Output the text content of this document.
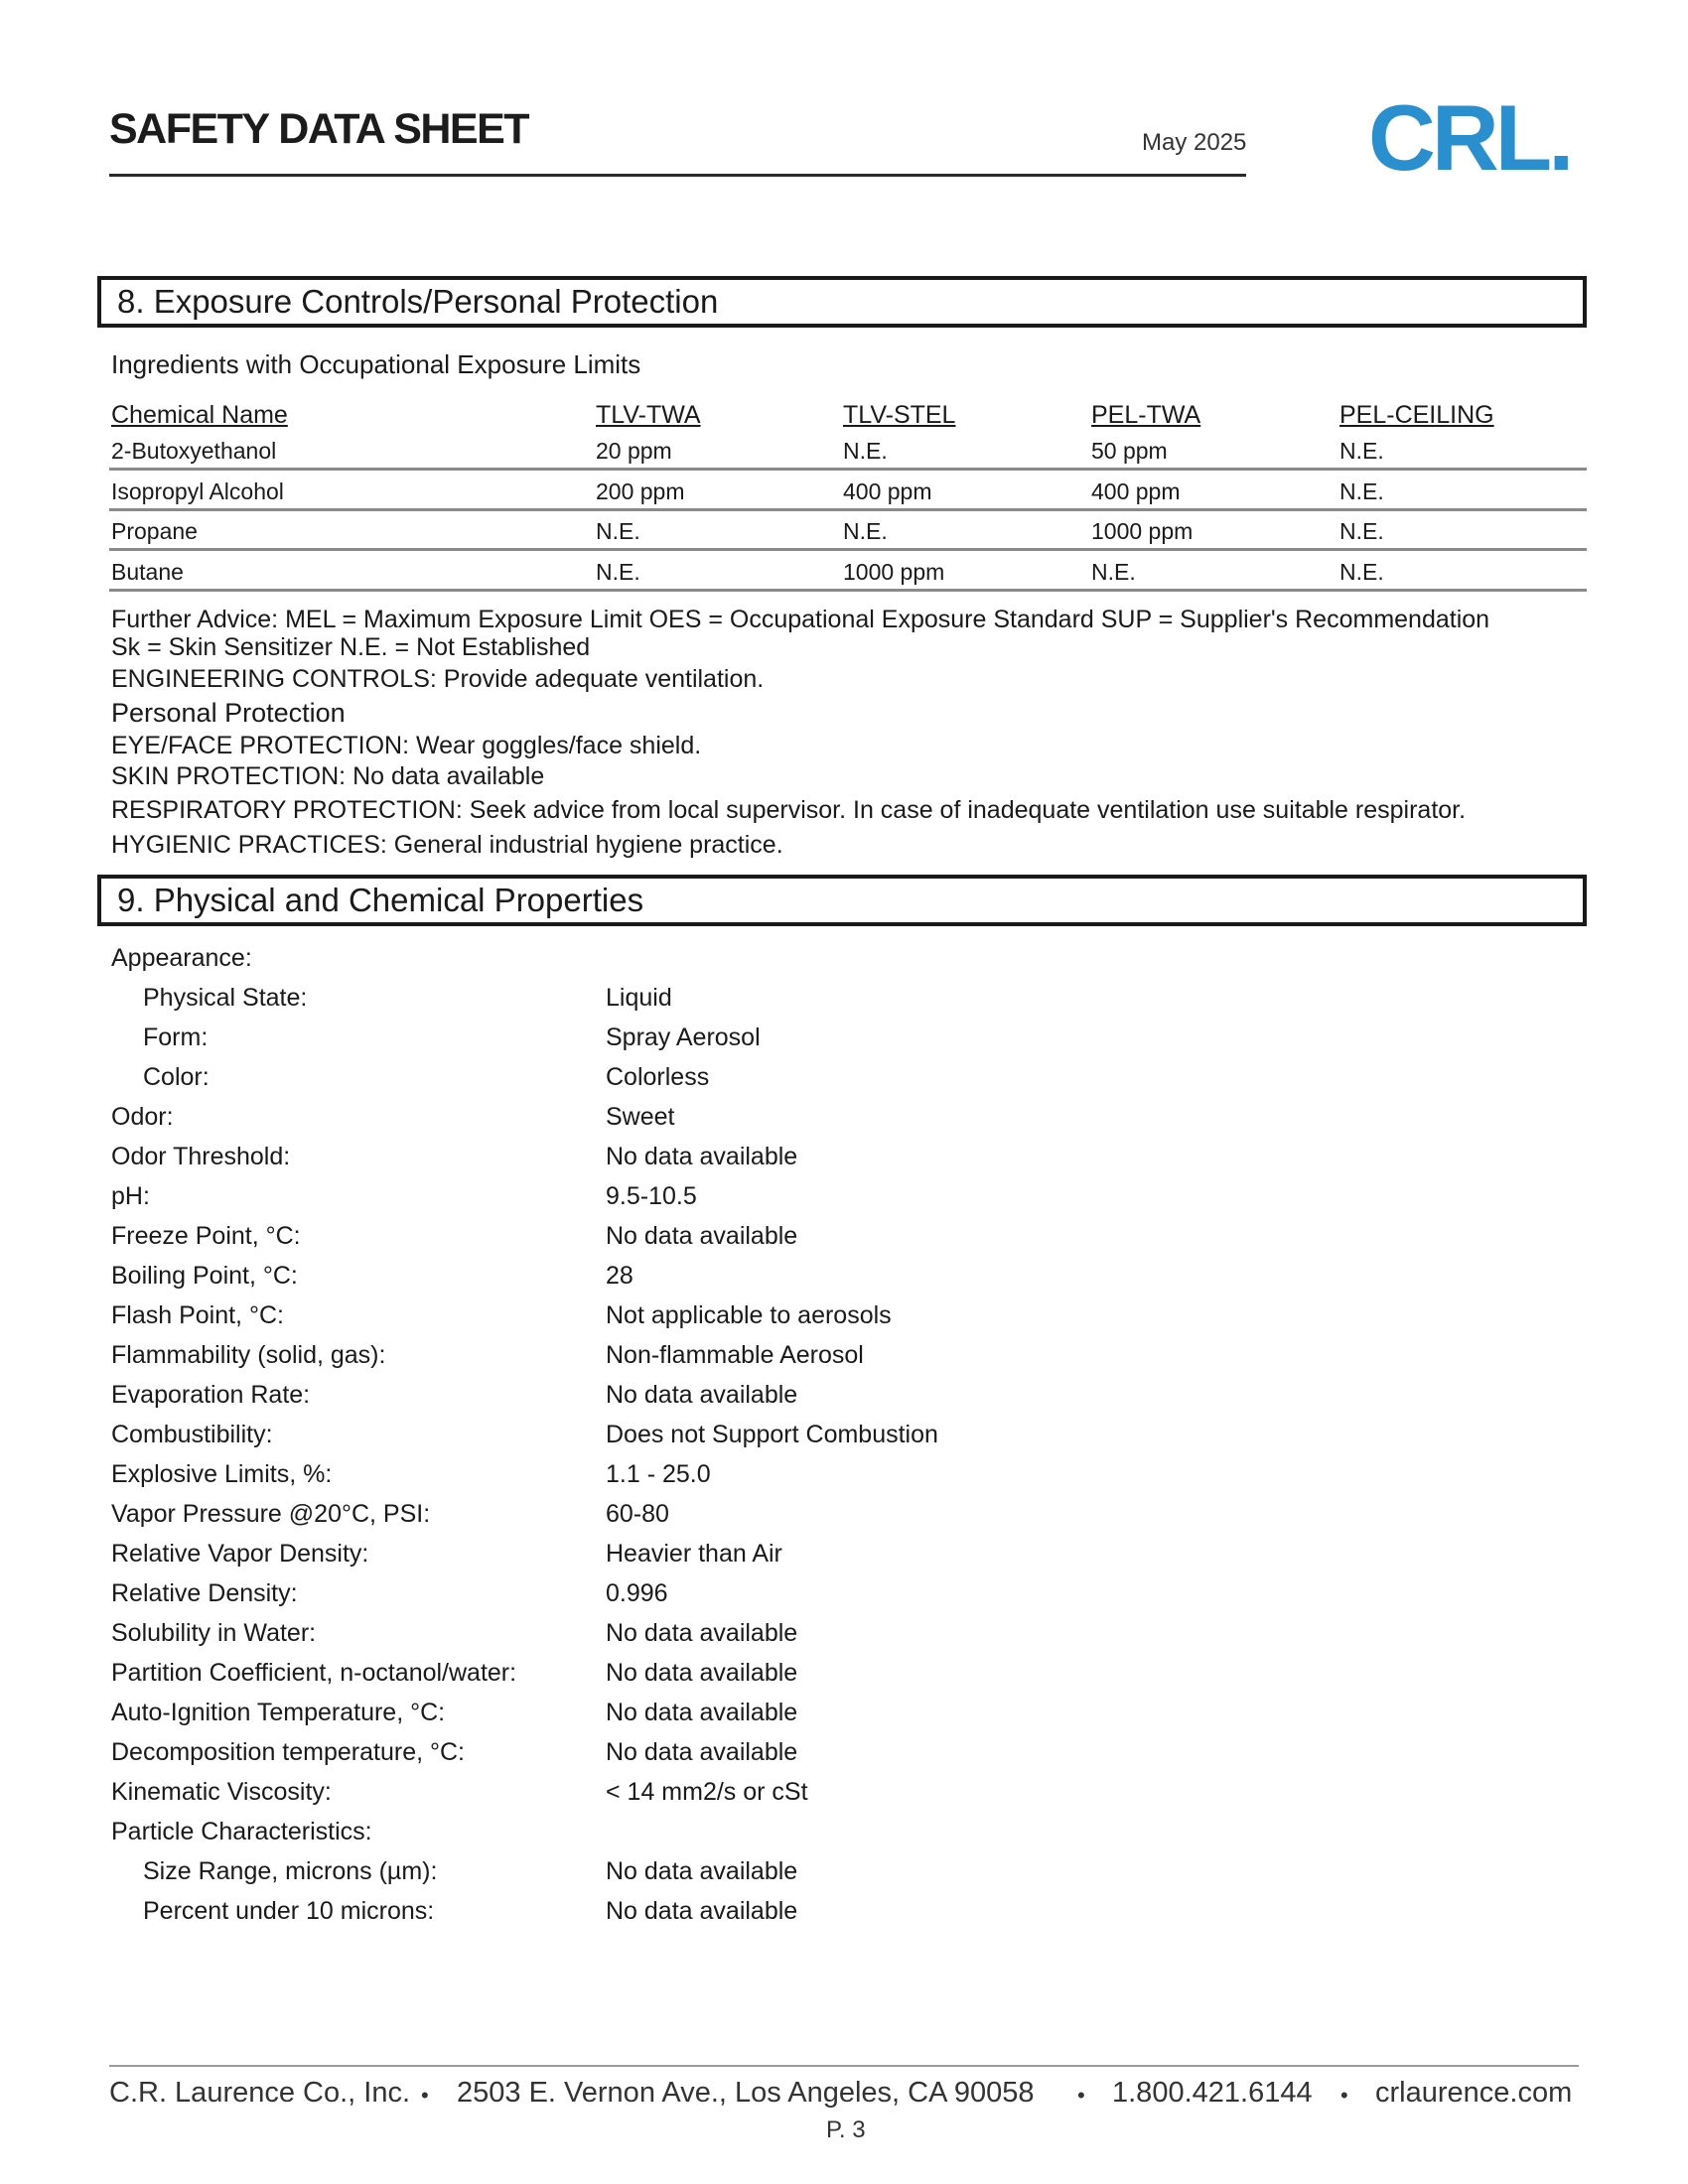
SAFETY DATA SHEET	May 2025 CRL.
8. Exposure Controls/Personal Protection
Ingredients with Occupational Exposure Limits
Chemical Name	TLV-TWA	TLV-STEL	PEL-TWA	PEL-CEILING
2-Butoxyethanol	20 ppm	N.E.	50 ppm	N.E.
Isopropyl Alcohol	200 ppm	400 ppm	400 ppm	N.E.
Propane	N.E.	N.E.	1000 ppm	N.E.
Butane	N.E.	1000 ppm	N.E.	N.E.
Further Advice: MEL = Maximum Exposure Limit OES = Occupational Exposure Standard SUP = Supplier's Recommendation
Sk = Skin Sensitizer N.E. = Not Established
ENGINEERING CONTROLS: Provide adequate ventilation.
Personal Protection
EYE/FACE PROTECTION: Wear goggles/face shield.
SKIN PROTECTION: No data available
RESPIRATORY PROTECTION: Seek advice from local supervisor. In case of inadequate ventilation use suitable respirator.
HYGIENIC PRACTICES: General industrial hygiene practice.
9. Physical and Chemical Properties
Appearance:
Physical State:	Liquid
Form:	Spray Aerosol
Color:	Colorless
Odor:	Sweet
Odor Threshold:	No data available
pH:	9.5-10.5
Freeze Point, °C:	No data available
Boiling Point, °C:	28
Flash Point, °C:	Not applicable to aerosols
Flammability (solid, gas):	Non-flammable Aerosol
Evaporation Rate:	No data available
Combustibility:	Does not Support Combustion
Explosive Limits, %:	1.1 - 25.0
Vapor Pressure @20°C, PSI:	60-80
Relative Vapor Density:	Heavier than Air
Relative Density:	0.996
Solubility in Water:	No data available
Partition Coefficient, n-octanol/water:	No data available
Auto-Ignition Temperature, °C:	No data available
Decomposition temperature, °C:	No data available
Kinematic Viscosity:	< 14 mm2/s or cSt
Particle Characteristics:
Size Range, microns (µm):	No data available
Percent under 10 microns:	No data available
C.R. Laurence Co., Inc. • 2503 E. Vernon Ave., Los Angeles, CA 90058 • 1.800.421.6144 • crlaurence.com
P. 3
